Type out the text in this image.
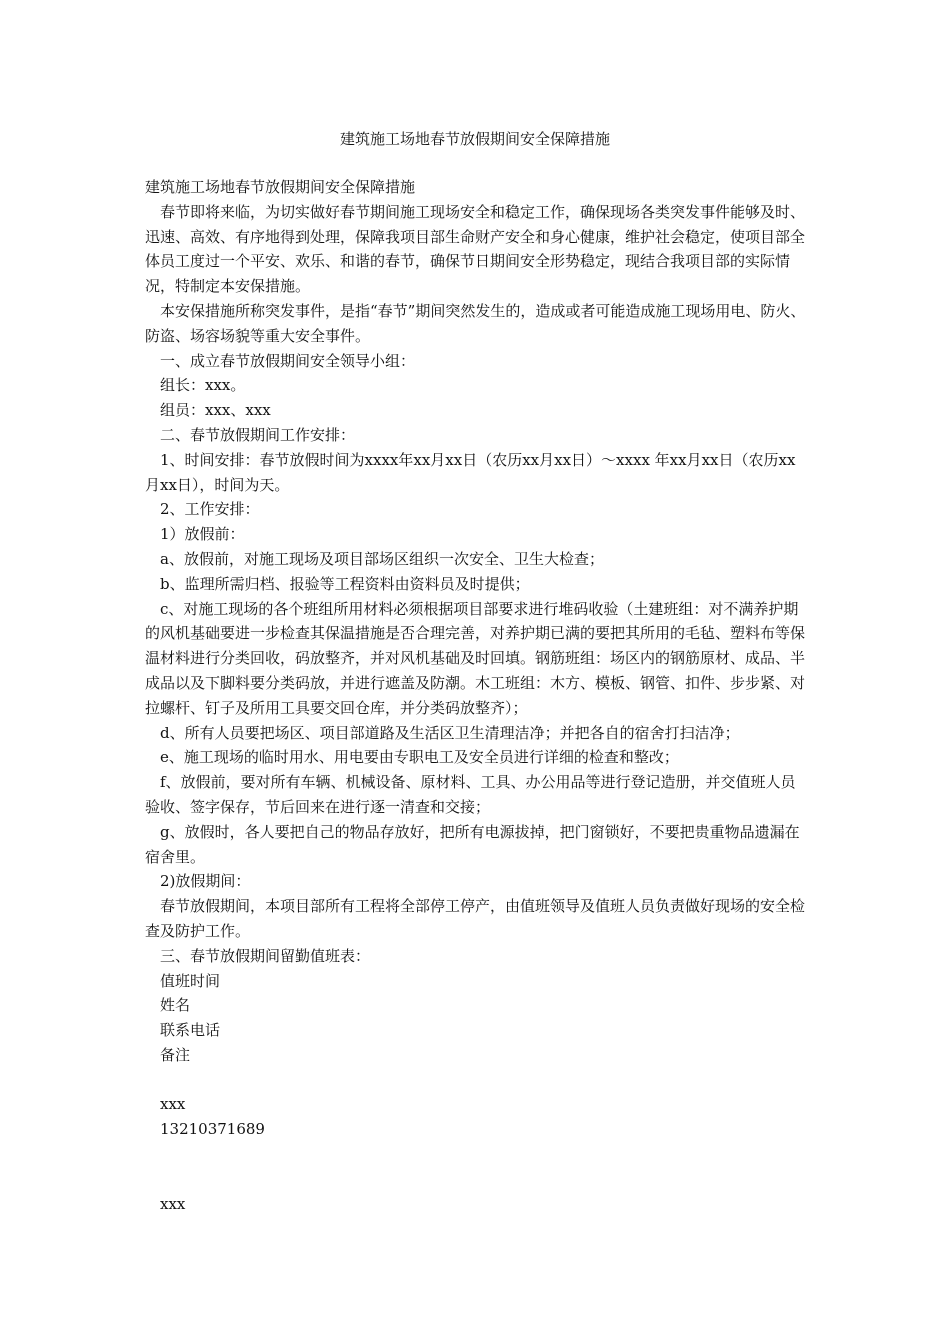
建筑施工场地春节放假期间安全保障措施

建筑施工场地春节放假期间安全保障措施

春节即将来临，为切实做好春节期间施工现场安全和稳定工作，确保现场各类突发事件能够及时、迅速、高效、有序地得到处理，保障我项目部生命财产安全和身心健康，维护社会稳定，使项目部全体员工度过一个平安、欢乐、和谐的春节，确保节日期间安全形势稳定，现结合我项目部的实际情况，特制定本安保措施。

本安保措施所称突发事件，是指“春节”期间突然发生的，造成或者可能造成施工现场用电、防火、防盗、场容场貌等重大安全事件。

一、成立春节放假期间安全领导小组：

组长：xxx。

组员：xxx、xxx

二、春节放假期间工作安排：

1、时间安排：春节放假时间为xxxx年xx月xx日（农历xx月xx日）～xxxx 年xx月xx日（农历xx月xx日），时间为天。

2、工作安排：

1）放假前：

a、放假前，对施工现场及项目部场区组织一次安全、卫生大检查；

b、监理所需归档、报验等工程资料由资料员及时提供；

c、对施工现场的各个班组所用材料必须根据项目部要求进行堆码收验（土建班组：对不满养护期的风机基础要进一步检查其保温措施是否合理完善，对养护期已满的要把其所用的毛毡、塑料布等保温材料进行分类回收，码放整齐，并对风机基础及时回填。钢筋班组：场区内的钢筋原材、成品、半成品以及下脚料要分类码放，并进行遮盖及防潮。木工班组：木方、模板、钢管、扣件、步步紧、对拉螺杆、钉子及所用工具要交回仓库，并分类码放整齐）；

d、所有人员要把场区、项目部道路及生活区卫生清理洁净；并把各自的宿舍打扫洁净；

e、施工现场的临时用水、用电要由专职电工及安全员进行详细的检查和整改；

f、放假前，要对所有车辆、机械设备、原材料、工具、办公用品等进行登记造册，并交值班人员验收、签字保存，节后回来在进行逐一清查和交接；

g、放假时，各人要把自己的物品存放好，把所有电源拔掉，把门窗锁好，不要把贵重物品遗漏在宿舍里。

2)放假期间：

春节放假期间，本项目部所有工程将全部停工停产，由值班领导及值班人员负责做好现场的安全检查及防护工作。

三、春节放假期间留勤值班表：

值班时间

姓名

联系电话

备注

xxx

13210371689

xxx
